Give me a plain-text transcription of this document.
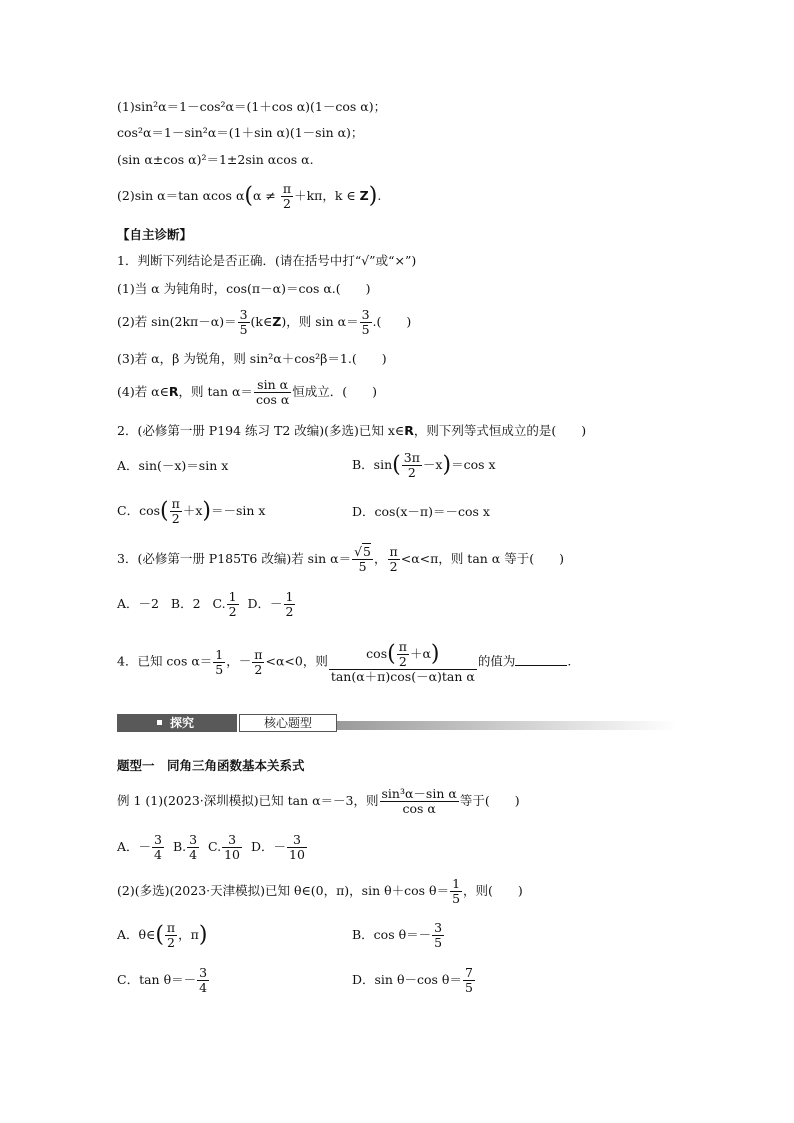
(1)sin²α＝1－cos²α＝(1＋cos α)(1－cos α)；
cos²α＝1－sin²α＝(1＋sin α)(1－sin α)；
(sin α±cos α)²＝1±2sin αcos α.
(2)sin α＝tan αcos $\alpha(\alpha \ne \frac{\pi}{2} +k\pi$，k ∈ Z).
【自主诊断】
1．判断下列结论是否正确．(请在括号中打“√”或“×”)
(1)当 α 为钝角时，cos(π－α)＝cos α.(　　)
(2)若 $\sin(2k\pi-\alpha)= \frac{3}{5}$ (k∈Z)，则 $\sin \alpha= \frac{3}{5}$ .(　　)
(3)若 α，β 为锐角，则 sin²α＋cos²β＝1.(　　)
(4)若 α∈R，则 $\tan \alpha= \frac{\text{sin α}}{\text{cos α}}$ 恒成立．(　　)
2．(必修第一册 P194 练习 T2 改编)(多选)已知 x∈R，则下列等式恒成立的是(　　)
A．sin(－x)＝sin x	B．$\sin( \frac{3\pi}{2} -x)=\cos$ x
C．$\cos( \frac{\pi}{2} +x)=-\sin$ x	D．cos(x－π)＝－cos x
3．(必修第一册 P185T6 改编)若 $\sin \alpha= \frac{√5}{5}$ ， $\frac{\pi}{2} <\alpha<\pi$，则 tan α 等于(　　)
A．－2 B．2 C. $\frac{1}{2}$ D．－ $\frac{1}{2}$
4．已知 $\cos \alpha= \frac{1}{5}$ ，－ $\frac{\pi}{2} <\alpha<0$，则 $\frac{\cos( \frac{\pi}{2} +\alpha)}{\text{tan(α＋π)cos(－α)tan α}}$ 的值为	.
探究	核心题型
题型一　同角三角函数基本关系式
例 1 (1)(2023·深圳模拟)已知 tan α＝－3，则 $\frac{\text{sin³α－sin α}}{\text{cos α}}$ 等于(　　)
A．－ $\frac{3}{4} B$. $\frac{3}{4} C$. $\frac{3}{10}$ D．－ $\frac{3}{10}$
(2)(多选)(2023·天津模拟)已知 θ∈(0，π)，sin θ＋cos $\theta= \frac{1}{5}$ ，则(　　)
A．θ∈( $\frac{\pi}{2}$ ，π)	B．$\cos \theta=- \frac{3}{5}$
C．$\tan \theta=- \frac{3}{4}$	D．sin θ－cos $\theta= \frac{7}{5}$
